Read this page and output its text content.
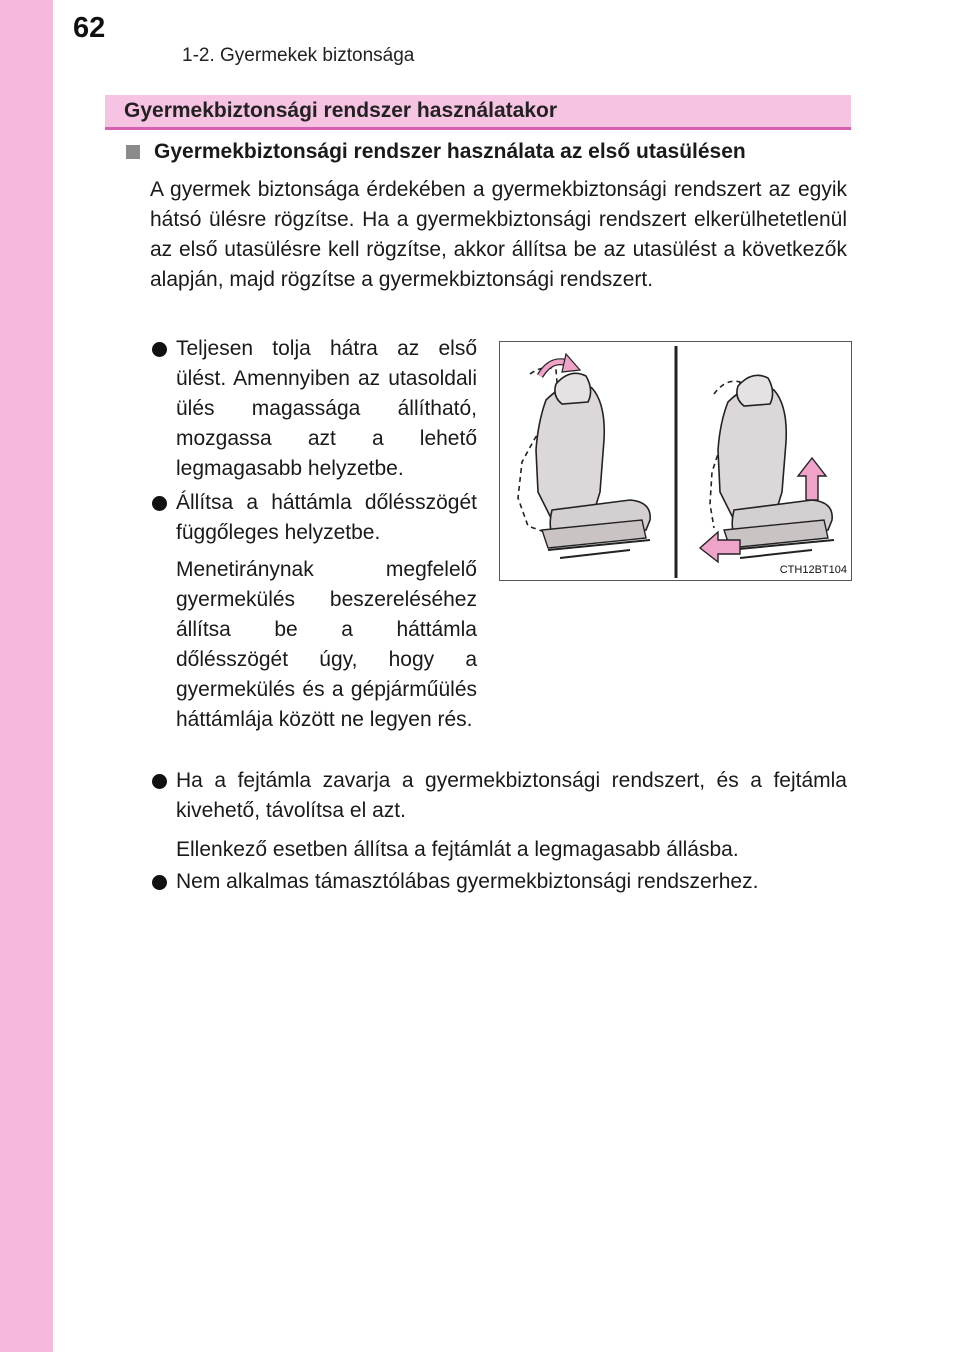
62
1-2. Gyermekek biztonsága
Gyermekbiztonsági rendszer használatakor
Gyermekbiztonsági rendszer használata az első utasülésen

A gyermek biztonsága érdekében a gyermekbiztonsági rendszert az egyik hátsó ülésre rögzítse. Ha a gyermekbiztonsági rendszert elkerülhetetlenül az első utasülésre kell rögzítse, akkor állítsa be az utasülést a következők alapján, majd rögzítse a gyermekbiztonsági rendszert.

Teljesen tolja hátra az első ülést. Amennyiben az utasoldali ülés magassága állítható, mozgassa azt a lehető legmagasabb helyzetbe.
Állítsa a háttámla dőlésszögét függőleges helyzetbe.

Menetiránynak megfelelő gyermekülés beszereléséhez állítsa be a háttámla dőlésszögét úgy, hogy a gyermekülés és a gépjárműülés háttámlája között ne legyen rés.

Ha a fejtámla zavarja a gyermekbiztonsági rendszert, és a fejtámla kivehető, távolítsa el azt.

Ellenkező esetben állítsa a fejtámlát a legmagasabb állásba.

Nem alkalmas támasztólábas gyermekbiztonsági rendszerhez.
CTH12BT104
